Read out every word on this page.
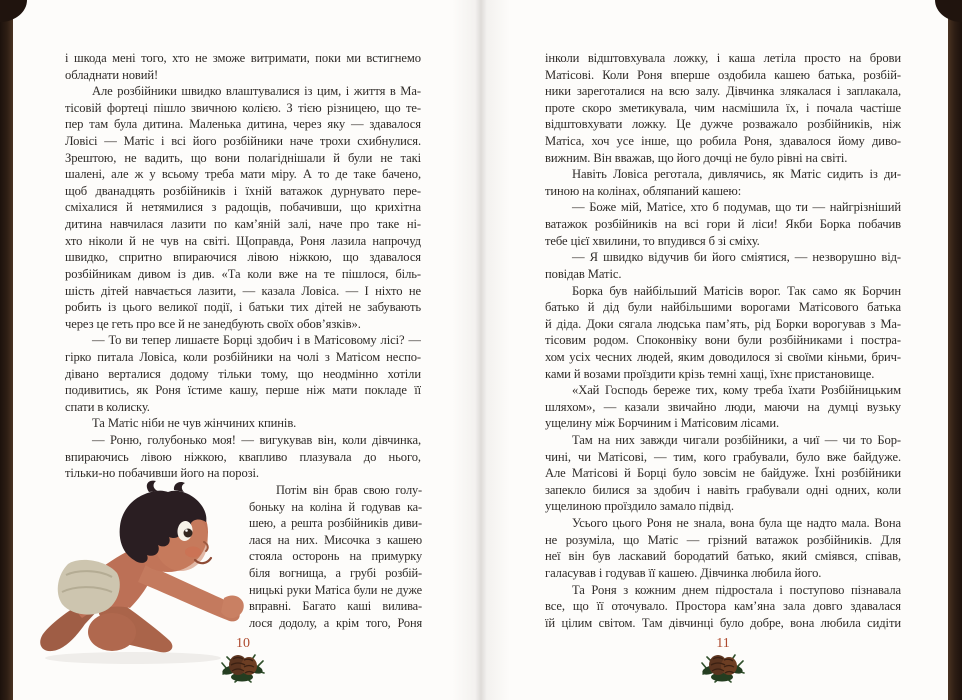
і шкода мені того, хто не зможе витримати, поки ми встигнемо
обладнати новий!
Але розбійники швидко влаштувалися із цим, і життя в Ма-
тісовій фортеці пішло звичною колією. З тією різницею, що те-
пер там була дитина. Маленька дитина, через яку — здавалося
Ловісі — Матіс і всі його розбійники наче трохи схибнулися.
Зрештою, не вадить, що вони полагіднішали й були не такі
шалені, але ж у всьому треба мати міру. А то де таке бачено,
щоб дванадцять розбійників і їхній ватажок дурнувато пере-
сміхалися й нетямилися з радощів, побачивши, що крихітна
дитина навчилася лазити по кам’яній залі, наче про таке ні-
хто ніколи й не чув на світі. Щоправда, Роня лазила напрочуд
швидко, спритно впираючися лівою ніжкою, що здавалося
розбійникам дивом із див. «Та коли вже на те пішлося, біль-
шість дітей навчається лазити, — казала Ловіса. — І ніхто не
робить із цього великої події, і батьки тих дітей не забувають
через це геть про все й не занедбують своїх обов’язків».
— То ви тепер лишаєте Борці здобич і в Матісовому лісі? —
гірко питала Ловіса, коли розбійники на чолі з Матісом неспо-
дівано верталися додому тільки тому, що неодмінно хотіли
подивитись, як Роня їстиме кашу, перше ніж мати покладе її
спати в колиску.
Та Матіс ніби не чув жінчиних кпинів.
— Роню, голубонько моя! — вигукував він, коли дівчинка,
впираючись лівою ніжкою, квапливо плазувала до нього,
тільки-но побачивши його на порозі.
Потім він брав свою голу-
боньку на коліна й годував ка-
шею, а решта розбійників диви-
лася на них. Мисочка з кашею
стояла осторонь на примурку
біля вогнища, а грубі розбій-
ницькі руки Матіса були не дуже
вправні. Багато каші вилива-
лося додолу, а крім того, Роня
10
інколи відштовхувала ложку, і каша летіла просто на брови
Матісові. Коли Роня вперше оздобила кашею батька, розбій-
ники зареготалися на всю залу. Дівчинка злякалася і заплакала,
проте скоро зметикувала, чим насмішила їх, і почала частіше
відштовхувати ложку. Це дужче розважало розбійників, ніж
Матіса, хоч усе інше, що робила Роня, здавалося йому диво-
вижним. Він вважав, що його дочці не було рівні на світі.
Навіть Ловіса реготала, дивлячись, як Матіс сидить із ди-
тиною на колінах, обляпаний кашею:
— Боже мій, Матісе, хто б подумав, що ти — найгрізніший
ватажок розбійників на всі гори й ліси! Якби Борка побачив
тебе цієї хвилини, то впудився б зі сміху.
— Я швидко відучив би його сміятися, — незворушно від-
повідав Матіс.
Борка був найбільший Матісів ворог. Так само як Борчин
батько й дід були найбільшими ворогами Матісового батька
й діда. Доки сягала людська пам’ять, рід Борки ворогував з Ма-
тісовим родом. Споконвіку вони були розбійниками і постра-
хом усіх чесних людей, яким доводилося зі своїми кіньми, брич-
ками й возами проїздити крізь темні хащі, їхнє пристановище.
«Хай Господь береже тих, кому треба їхати Розбійницьким
шляхом», — казали звичайно люди, маючи на думці вузьку
ущелину між Борчиним і Матісовим лісами.
Там на них завжди чигали розбійники, а чиї — чи то Бор-
чині, чи Матісові, — тим, кого грабували, було вже байдуже.
Але Матісові й Борці було зовсім не байдуже. Їхні розбійники
запекло билися за здобич і навіть грабували одні одних, коли
ущелиною проїздило замало підвід.
Усього цього Роня не знала, вона була ще надто мала. Вона
не розуміла, що Матіс — грізний ватажок розбійників. Для
неї він був ласкавий бородатий батько, який сміявся, співав,
галасував і годував її кашею. Дівчинка любила його.
Та Роня з кожним днем підростала і поступово пізнавала
все, що її оточувало. Простора кам’яна зала довго здавалася
їй цілим світом. Там дівчинці було добре, вона любила сидіти
11
